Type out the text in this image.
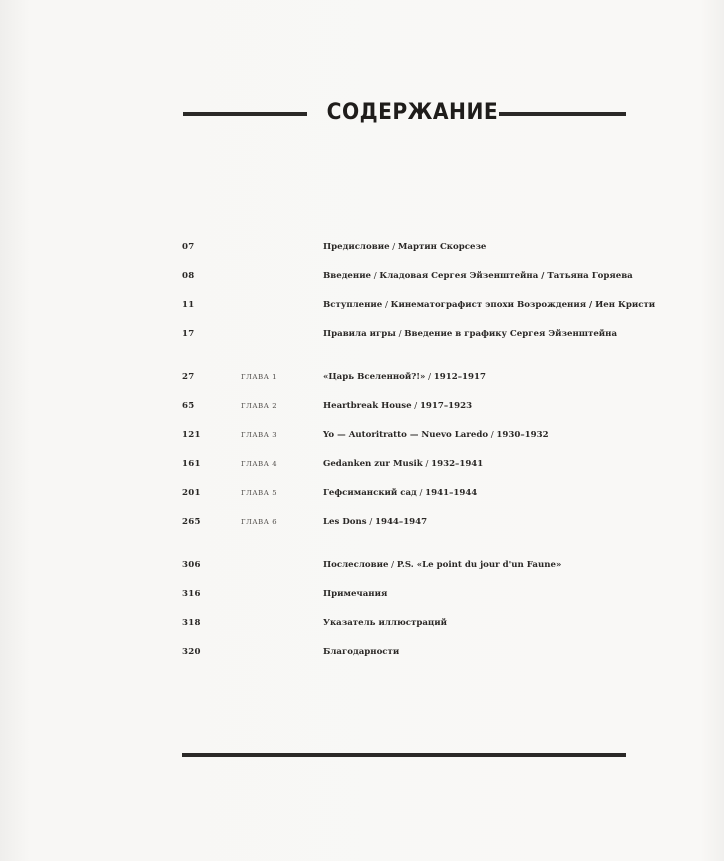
СОДЕРЖАНИЕ
07	Предисловие / Мартин Скорсезе
08	Введение / Кладовая Сергея Эйзенштейна / Татьяна Горяева
11	Вступление / Кинематографист эпохи Возрождения / Иен Кристи
17	Правила игры / Введение в графику Сергея Эйзенштейна
27	ГЛАВА 1	«Царь Вселенной?!» / 1912–1917
65	ГЛАВА 2	Heartbreak House / 1917–1923
121	ГЛАВА 3	Yo — Autoritratto — Nuevo Laredo / 1930–1932
161	ГЛАВА 4	Gedanken zur Musik / 1932–1941
201	ГЛАВА 5	Гефсиманский сад / 1941–1944
265	ГЛАВА 6	Les Dons / 1944–1947
306	Послесловие / P.S. «Le point du jour d'un Faune»
316	Примечания
318	Указатель иллюстраций
320	Благодарности
